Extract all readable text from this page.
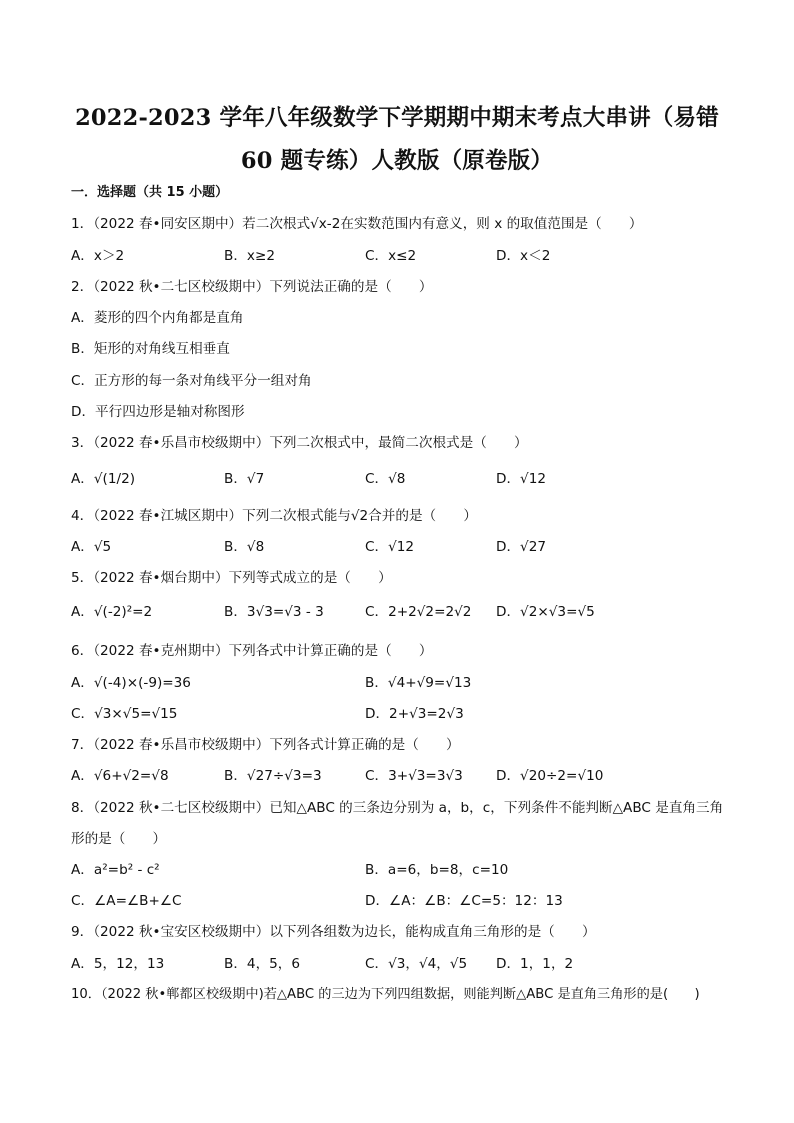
2022-2023 学年八年级数学下学期期中期末考点大串讲（易错
60 题专练）人教版（原卷版）
一．选择题（共 15 小题）
1．（2022 春•同安区期中）若二次根式√x-2在实数范围内有意义，则 x 的取值范围是（　　）
A．x＞2	B．x≥2	C．x≤2	D．x＜2
2．（2022 秋•二七区校级期中）下列说法正确的是（　　）
A．菱形的四个内角都是直角
B．矩形的对角线互相垂直
C．正方形的每一条对角线平分一组对角
D．平行四边形是轴对称图形
3．（2022 春•乐昌市校级期中）下列二次根式中，最简二次根式是（　　）
A．√(1/2)	B．√7	C．√8	D．√12
4．（2022 春•江城区期中）下列二次根式能与√2合并的是（　　）
A．√5	B．√8	C．√12	D．√27
5．（2022 春•烟台期中）下列等式成立的是（　　）
A．√(-2)²=2	B．3√3=√3 - 3	C．2+2√2=2√2 D．√2×√3=√5
6．（2022 春•克州期中）下列各式中计算正确的是（　　）
A．√(-4)×(-9)=36	B．√4+√9=√13
C．√3×√5=√15	D．2+√3=2√3
7．（2022 春•乐昌市校级期中）下列各式计算正确的是（　　）
A．√6+√2=√8	B．√27÷√3=3	C．3+√3=3√3 D．√20÷2=√10
8．（2022 秋•二七区校级期中）已知△ABC 的三条边分别为 a，b，c，下列条件不能判断△ABC 是直角三角
形的是（　　）
A．a²=b² - c²	B．a=6，b=8，c=10
C．∠A=∠B+∠C	D．∠A：∠B：∠C=5：12：13
9．（2022 秋•宝安区校级期中）以下列各组数为边长，能构成直角三角形的是（　　）
A．5，12，13	B．4，5，6	C．√3，√4，√5 D．1，1，2
10．（2022 秋•郸都区校级期中)若△ABC 的三边为下列四组数据，则能判断△ABC 是直角三角形的是(　　)
